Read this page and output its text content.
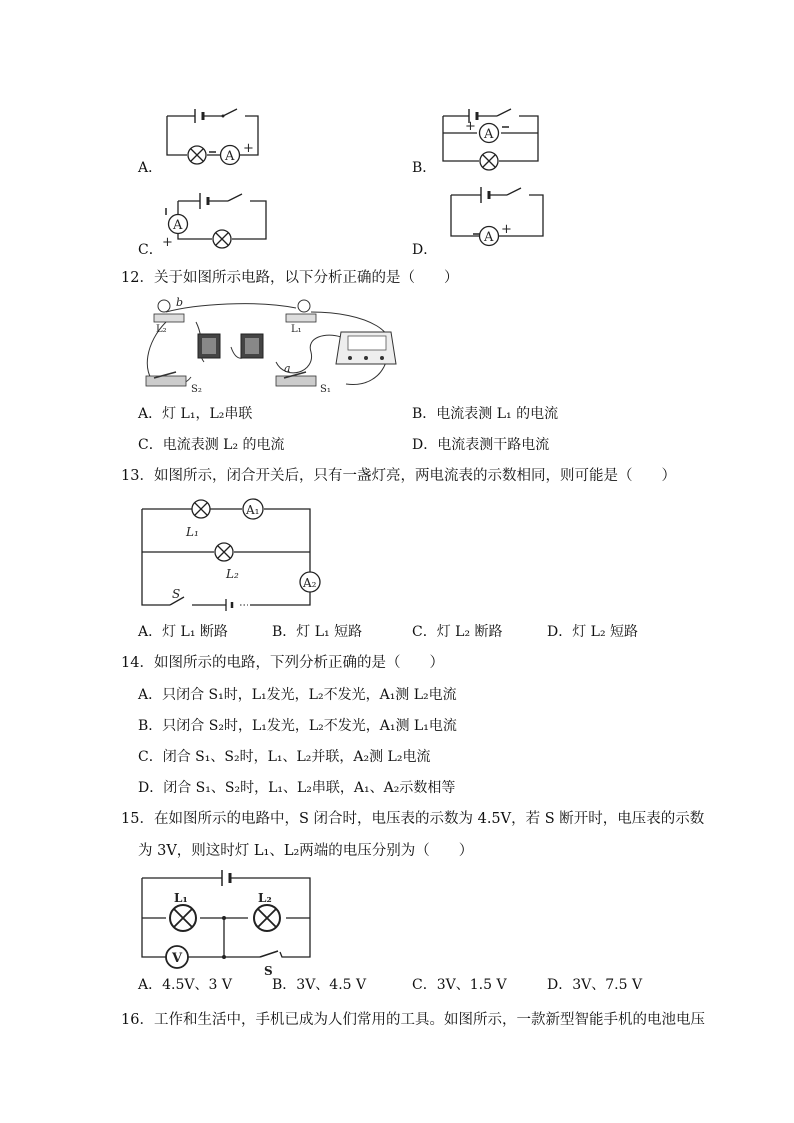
A．
A
+
B．
A
+
C．
A
+	D．
A
+
12．关于如图所示电路，以下分析正确的是（　　）
b
L₂	L₁
a
S₂	S₁
A．灯 L₁，L₂串联	B．电流表测 L₁ 的电流
C．电流表测 L₂ 的电流	D．电流表测干路电流
13．如图所示，闭合开关后，只有一盏灯亮，两电流表的示数相同，则可能是（　　）
A₁
A₂
L₁
L₂
S
A．灯 L₁ 断路	B．灯 L₁ 短路	C．灯 L₂ 断路	D．灯 L₂ 短路
14．如图所示的电路，下列分析正确的是（　　）
A．只闭合 S₁时，L₁发光，L₂不发光，A₁测 L₂电流
B．只闭合 S₂时，L₁发光，L₂不发光，A₁测 L₁电流
C．闭合 S₁、S₂时，L₁、L₂并联，A₂测 L₂电流
D．闭合 S₁、S₂时，L₁、L₂串联，A₁、A₂示数相等
15．在如图所示的电路中，S 闭合时，电压表的示数为 4.5V，若 S 断开时，电压表的示数
为 3V，则这时灯 L₁、L₂两端的电压分别为（　　）
V
L₁	L₂
S
A．4.5V、3 V	B．3V、4.5 V	C．3V、1.5 V	D．3V、7.5 V
16．工作和生活中，手机已成为人们常用的工具。如图所示，一款新型智能手机的电池电压
